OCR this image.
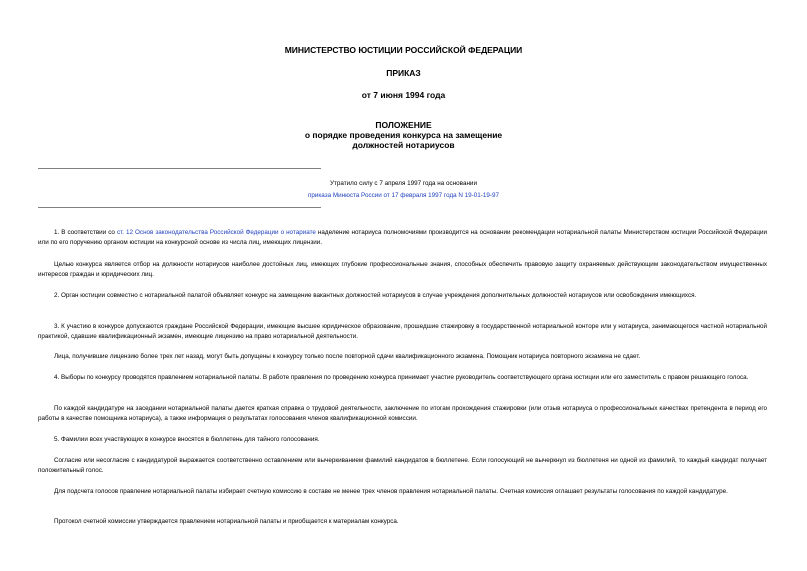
МИНИСТЕРСТВО ЮСТИЦИИ РОССИЙСКОЙ ФЕДЕРАЦИИ
ПРИКАЗ
от 7 июня 1994 года
ПОЛОЖЕНИЕ
о порядке проведения конкурса на замещение
должностей нотариусов
Утратило силу с 7 апреля 1997 года на основании
приказа Минюста России от 17 февраля 1997 года N 19-01-19-97
1. В соответствии со ст. 12 Основ законодательства Российской Федерации о нотариате наделение нотариуса полномочиями производится на основании рекомендации нотариальной палаты Министерством юстиции Российской Федерации или по его поручению органом юстиции на конкурсной основе из числа лиц, имеющих лицензии.
Целью конкурса является отбор на должности нотариусов наиболее достойных лиц, имеющих глубокие профессиональные знания, способных обеспечить правовую защиту охраняемых действующим законодательством имущественных интересов граждан и юридических лиц.
2. Орган юстиции совместно с нотариальной палатой объявляет конкурс на замещение вакантных должностей нотариусов в случае учреждения дополнительных должностей нотариусов или освобождения имеющихся.
3. К участию в конкурсе допускаются граждане Российской Федерации, имеющие высшее юридическое образование, прошедшие стажировку в государственной нотариальной конторе или у нотариуса, занимающегося частной нотариальной практикой, сдавшие квалификационный экзамен, имеющие лицензию на право нотариальной деятельности.
Лица, получившие лицензию более трех лет назад, могут быть допущены к конкурсу только после повторной сдачи квалификационного экзамена. Помощник нотариуса повторного экзамена не сдает.
4. Выборы по конкурсу проводятся правлением нотариальной палаты. В работе правления по проведению конкурса принимает участие руководитель соответствующего органа юстиции или его заместитель с правом решающего голоса.
По каждой кандидатуре на заседании нотариальной палаты дается краткая справка о трудовой деятельности, заключение по итогам прохождения стажировки (или отзыв нотариуса о профессиональных качествах претендента в период его работы в качестве помощника нотариуса), а также информация о результатах голосования членов квалификационной комиссии.
5. Фамилии всех участвующих в конкурсе вносятся в бюллетень для тайного голосования.
Согласие или несогласие с кандидатурой выражается соответственно оставлением или вычеркиванием фамилий кандидатов в бюллетене. Если голосующий не вычеркнул из бюллетеня ни одной из фамилий, то каждый кандидат получает положительный голос.
Для подсчета голосов правление нотариальной палаты избирает счетную комиссию в составе не менее трех членов правления нотариальной палаты. Счетная комиссия оглашает результаты голосования по каждой кандидатуре.
Протокол счетной комиссии утверждается правлением нотариальной палаты и приобщается к материалам конкурса.
